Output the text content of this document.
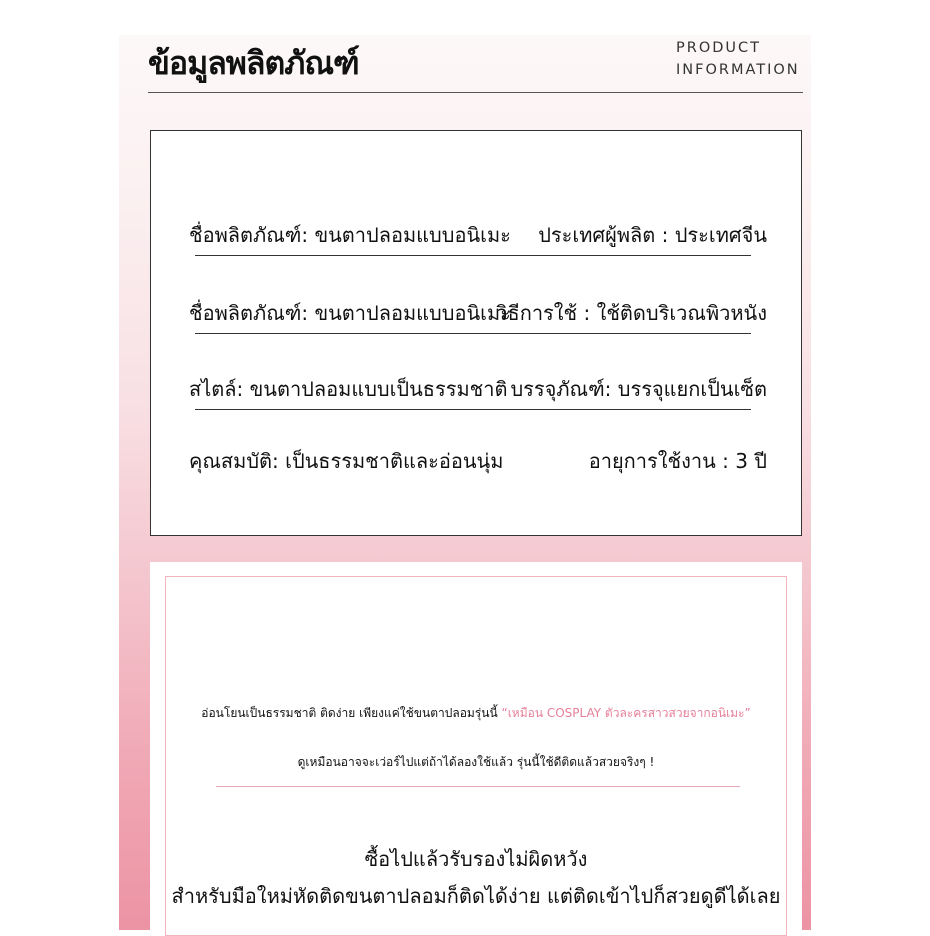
ข้อมูลพลิตภัณฑ์	PRODUCT
INFORMATION
ชื่อพลิตภัณฑ์: ขนตาปลอมแบบอนิเมะ ประเทศผู้พลิต : ประเทศจีน
ชื่อพลิตภัณฑ์: ขนตาปลอมแบบอนิเมะ
วิธีการใช้ : ใช้ติดบริเวณพิวหนัง
สไตล์: ขนตาปลอมแบบเป็นธรรมชาติ บรรจุภัณฑ์: บรรจุแยกเป็นเซ็ต
คุณสมบัติ: เป็นธรรมชาติและอ่อนนุ่ม	อายุการใช้งาน : 3 ปี
อ่อนโยนเป็นธรรมชาติ ติดง่าย เพียงแค่ใช้ขนตาปลอมรุ่นนี้ “เหมือน COSPLAY ตัวละครสาวสวยจากอนิเมะ”
ดูเหมือนอาจจะเว่อร์ไปแต่ถ้าได้ลองใช้แล้ว รุ่นนี้ใช้ดีติดแล้วสวยจริงๆ !
ซื้อไปแล้วรับรองไม่ผิดหวัง
สำหรับมือใหม่หัดติดขนตาปลอมก็ติดได้ง่าย แต่ติดเข้าไปก็สวยดูดีได้เลย
